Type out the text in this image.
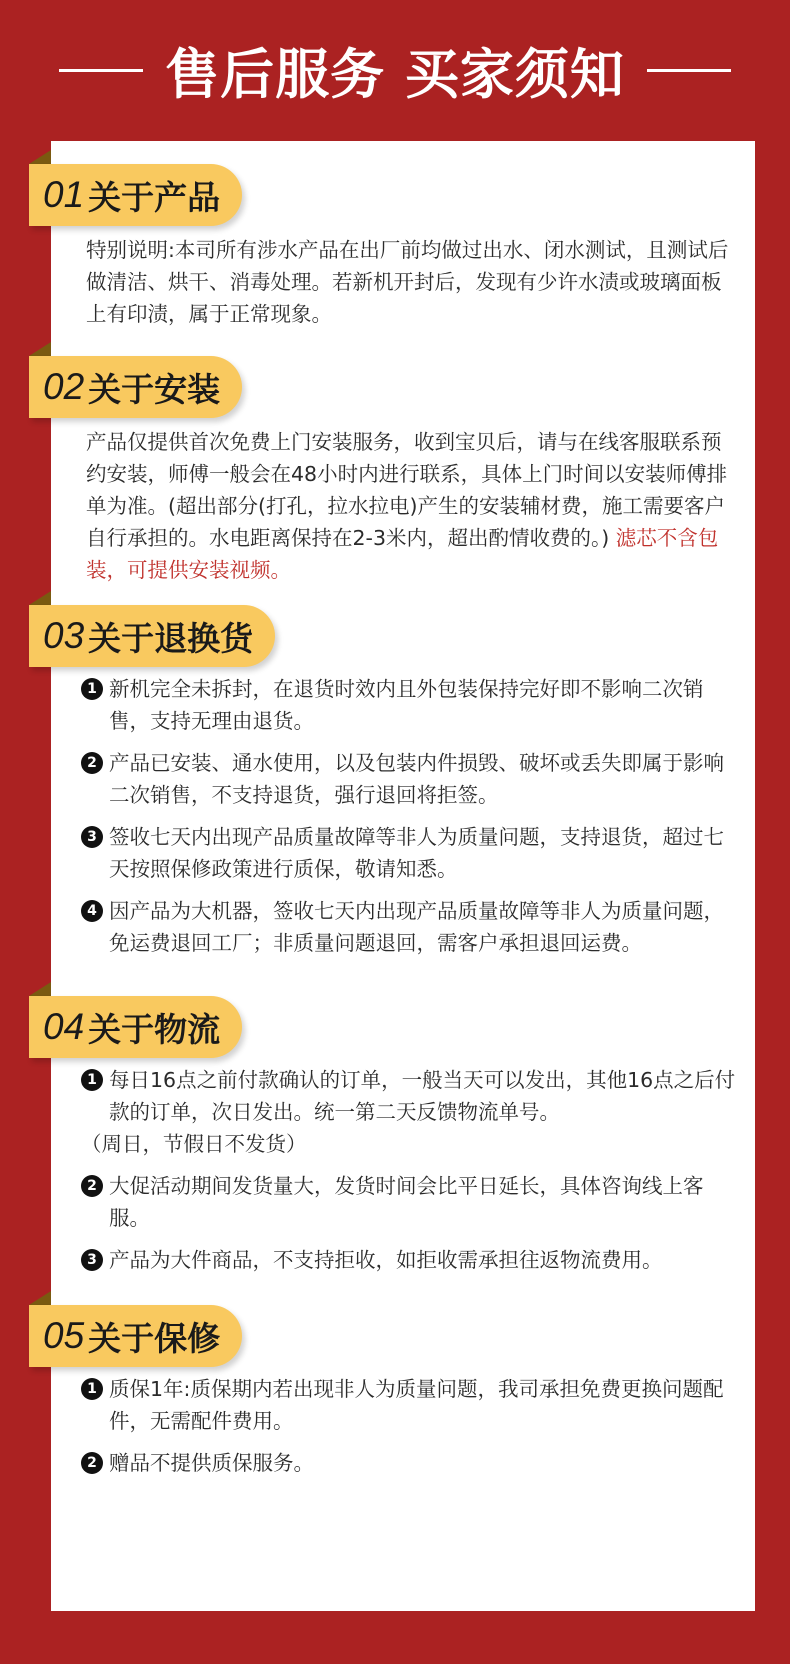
售后服务 买家须知
01 关于产品
特别说明:本司所有涉水产品在出厂前均做过出水、闭水测试，且测试后做清洁、烘干、消毒处理。若新机开封后，发现有少许水渍或玻璃面板上有印渍，属于正常现象。
02 关于安装
产品仅提供首次免费上门安装服务，收到宝贝后，请与在线客服联系预约安装，师傅一般会在48小时内进行联系，具体上门时间以安装师傅排单为准。(超出部分(打孔，拉水拉电)产生的安装辅材费，施工需要客户自行承担的。水电距离保持在2-3米内，超出酌情收费的。) 滤芯不含包装，可提供安装视频。
03 关于退换货
1 新机完全未拆封，在退货时效内且外包装保持完好即不影响二次销售，支持无理由退货。
2 产品已安装、通水使用，以及包装内件损毁、破坏或丢失即属于影响二次销售，不支持退货，强行退回将拒签。
3 签收七天内出现产品质量故障等非人为质量问题，支持退货，超过七天按照保修政策进行质保，敬请知悉。
4 因产品为大机器，签收七天内出现产品质量故障等非人为质量问题，免运费退回工厂；非质量问题退回，需客户承担退回运费。
04 关于物流
1 每日16点之前付款确认的订单，一般当天可以发出，其他16点之后付款的订单，次日发出。统一第二天反馈物流单号。
（周日，节假日不发货）
2 大促活动期间发货量大，发货时间会比平日延长，具体咨询线上客服。
3 产品为大件商品，不支持拒收，如拒收需承担往返物流费用。
05 关于保修
1 质保1年:质保期内若出现非人为质量问题，我司承担免费更换问题配件，无需配件费用。
2 赠品不提供质保服务。
